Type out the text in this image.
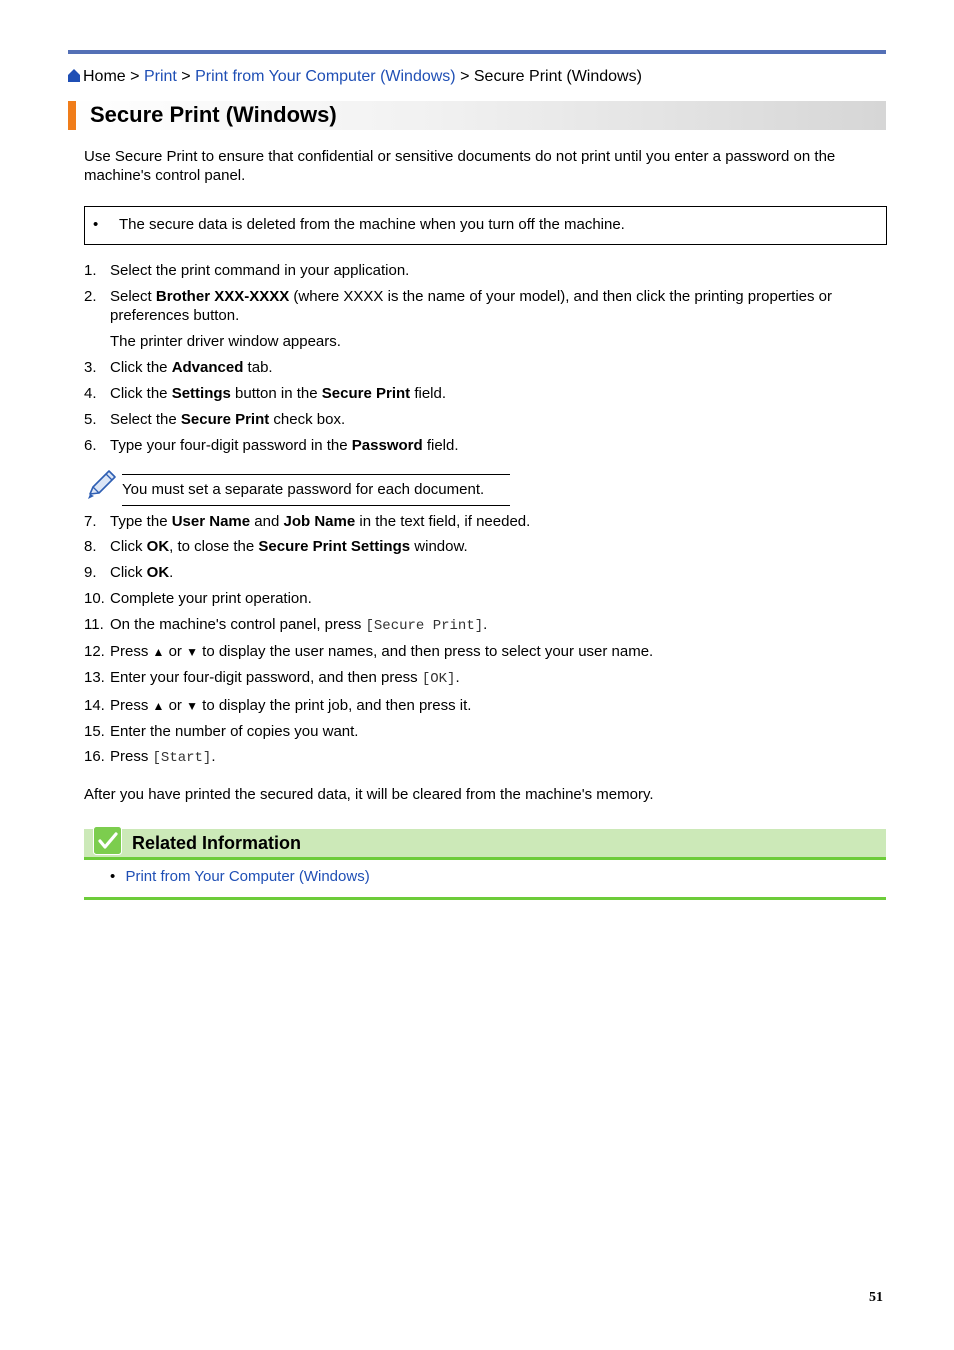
Home > Print > Print from Your Computer (Windows) > Secure Print (Windows)
Secure Print (Windows)
Use Secure Print to ensure that confidential or sensitive documents do not print until you enter a password on the machine's control panel.
• The secure data is deleted from the machine when you turn off the machine.
1. Select the print command in your application.
2. Select Brother XXX-XXXX (where XXXX is the name of your model), and then click the printing properties or preferences button.
The printer driver window appears.
3. Click the Advanced tab.
4. Click the Settings button in the Secure Print field.
5. Select the Secure Print check box.
6. Type your four-digit password in the Password field.
You must set a separate password for each document.
7. Type the User Name and Job Name in the text field, if needed.
8. Click OK, to close the Secure Print Settings window.
9. Click OK.
10. Complete your print operation.
11. On the machine's control panel, press [Secure Print].
12. Press ▲ or ▼ to display the user names, and then press to select your user name.
13. Enter your four-digit password, and then press [OK].
14. Press ▲ or ▼ to display the print job, and then press it.
15. Enter the number of copies you want.
16. Press [Start].
After you have printed the secured data, it will be cleared from the machine's memory.
Related Information
• Print from Your Computer (Windows)
51
